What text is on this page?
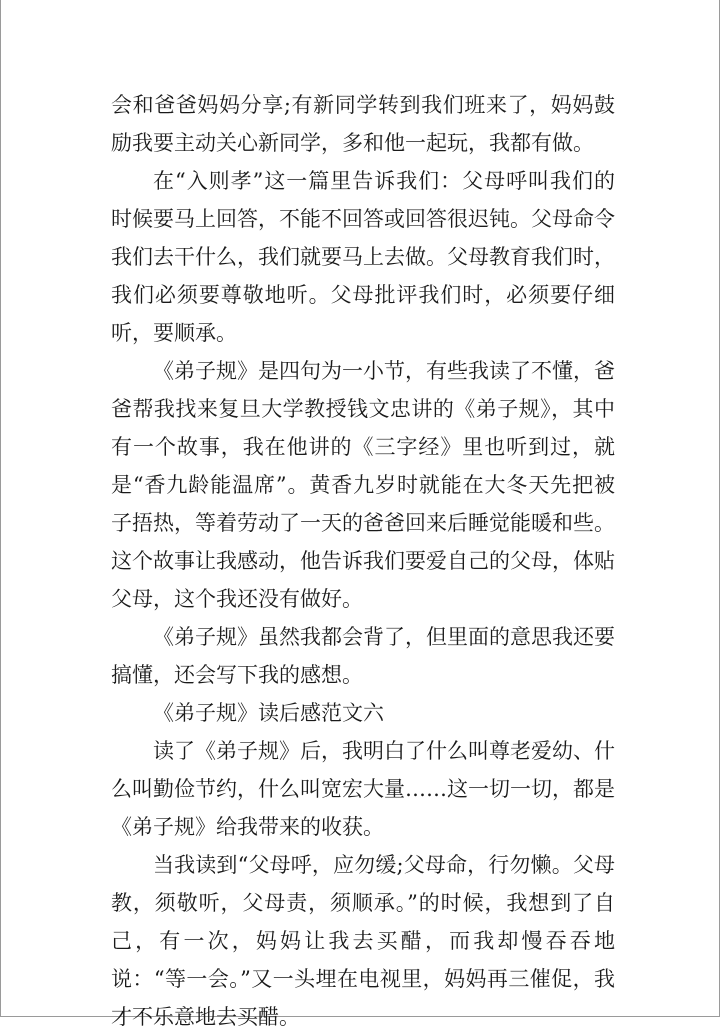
会和爸爸妈妈分享;有新同学转到我们班来了，妈妈鼓励我要主动关心新同学，多和他一起玩，我都有做。

在“入则孝”这一篇里告诉我们：父母呼叫我们的时候要马上回答，不能不回答或回答很迟钝。父母命令我们去干什么，我们就要马上去做。父母教育我们时，我们必须要尊敬地听。父母批评我们时，必须要仔细听，要顺承。

《弟子规》是四句为一小节，有些我读了不懂，爸爸帮我找来复旦大学教授钱文忠讲的《弟子规》，其中有一个故事，我在他讲的《三字经》里也听到过，就是“香九龄能温席”。黄香九岁时就能在大冬天先把被子捂热，等着劳动了一天的爸爸回来后睡觉能暖和些。这个故事让我感动，他告诉我们要爱自己的父母，体贴父母，这个我还没有做好。

《弟子规》虽然我都会背了，但里面的意思我还要搞懂，还会写下我的感想。

《弟子规》读后感范文六

读了《弟子规》后，我明白了什么叫尊老爱幼、什么叫勤俭节约，什么叫宽宏大量……这一切一切，都是《弟子规》给我带来的收获。

当我读到“父母呼，应勿缓;父母命，行勿懒。父母教，须敬听，父母责，须顺承。”的时候，我想到了自己，有一次，妈妈让我去买醋，而我却慢吞吞地说：“等一会。”又一头埋在电视里，妈妈再三催促，我才不乐意地去买醋。
